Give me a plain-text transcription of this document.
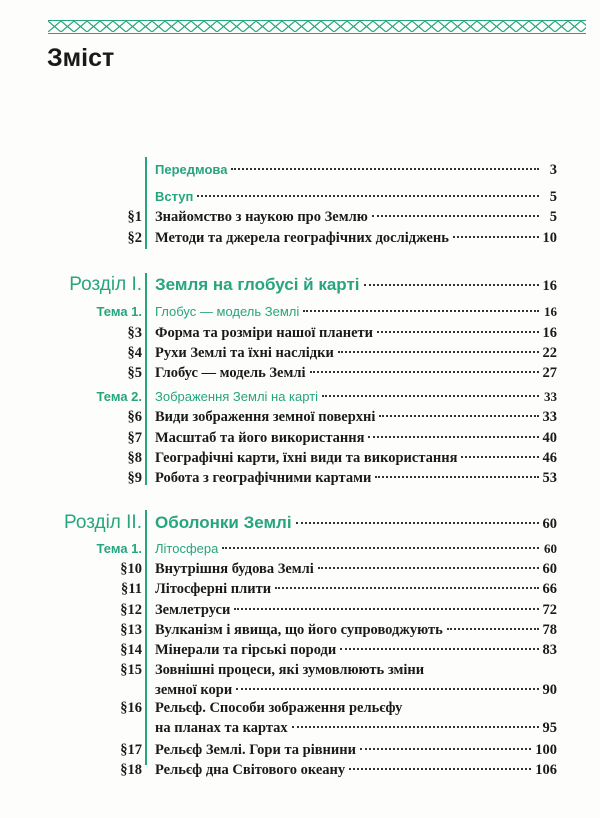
Зміст
Передмова	3
Вступ	5
§1 Знайомство з наукою про Землю	5
§2 Методи та джерела географічних досліджень	10
Розділ I. Земля на глобусі й карті	16
Тема 1. Глобус — модель Землі	16
§3 Форма та розміри нашої планети	16
§4 Рухи Землі та їхні наслідки	22
§5 Глобус — модель Землі	27
Тема 2. Зображення Землі на карті	33
§6 Види зображення земної поверхні	33
§7 Масштаб та його використання	40
§8 Географічні карти, їхні види та використання	46
§9 Робота з географічними картами	53
Розділ II. Оболонки Землі	60
Тема 1. Літосфера	60
§10 Внутрішня будова Землі	60
§11 Літосферні плити	66
§12 Землетруси	72
§13 Вулканізм і явища, що його супроводжують	78
§14 Мінерали та гірські породи	83
§15 Зовнішні процеси, які зумовлюють зміни
земної кори	90
§16 Рельєф. Способи зображення рельєфу
на планах та картах	95
§17 Рельєф Землі. Гори та рівнини	100
§18 Рельєф дна Світового океану	106
